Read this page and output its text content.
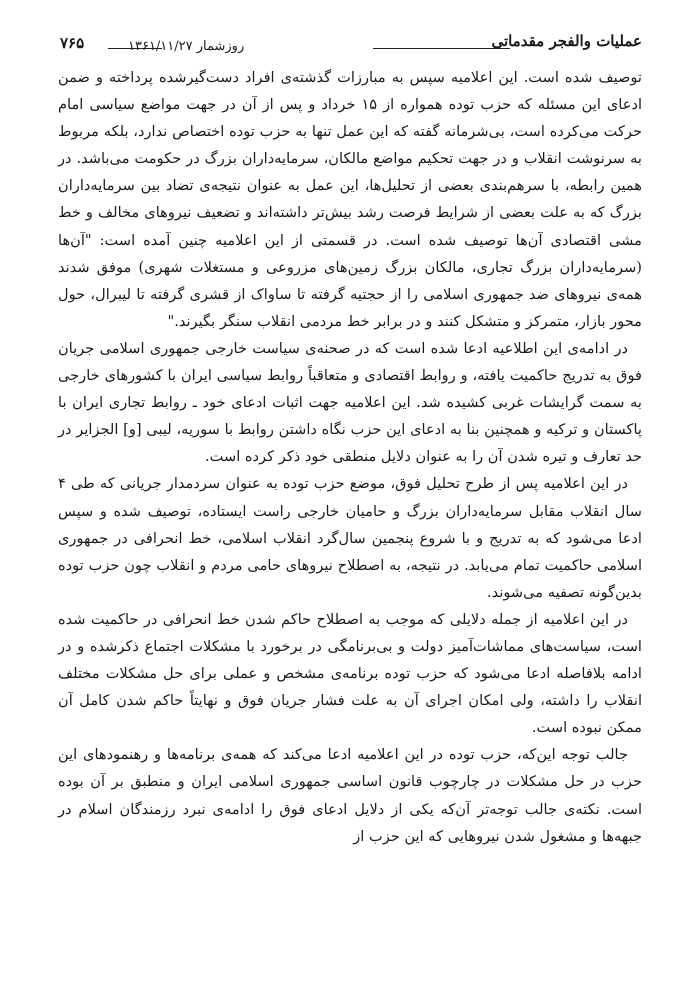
عملیات والفجر مقدماتی
روزشمار ۱۳۶۱/۱۱/۲۷
۷۶۵

توصیف شده است. این اعلامیه سپس به مبارزات گذشته‌ی افراد دست‌گیرشده پرداخته و ضمن ادعای این مسئله که حزب توده همواره از ۱۵ خرداد و پس از آن در جهت مواضع سیاسی امام حرکت می‌کرده است، بی‌شرمانه گفته که این عمل تنها به حزب توده اختصاص ندارد، بلکه مربوط به سرنوشت انقلاب و در جهت تحکیم مواضع مالکان، سرمایه‌داران بزرگ در حکومت می‌باشد. در همین رابطه، با سرهم‌بندی بعضی از تحلیل‌ها، این عمل به عنوان نتیجه‌ی تضاد بین سرمایه‌داران بزرگ که به علت بعضی از شرایط فرصت رشد بیش‌تر داشته‌اند و تضعیف نیروهای مخالف و خط مشی اقتصادی آن‌ها توصیف شده است. در قسمتی از این اعلامیه چنین آمده است: "آن‌ها (سرمایه‌داران بزرگ تجاری، مالکان بزرگ زمین‌های مزروعی و مستغلات شهری) موفق شدند همه‌ی نیروهای ضد جمهوری اسلامی را از حجتیه گرفته تا ساواک از قشری گرفته تا لیبرال، حول محور بازار، متمرکز و متشکل کنند و در برابر خط مردمی انقلاب سنگر بگیرند."

در ادامه‌ی این اطلاعیه ادعا شده است که در صحنه‌ی سیاست خارجی جمهوری اسلامی جریان فوق به تدریج حاکمیت یافته، و روابط اقتصادی و متعاقباً روابط سیاسی ایران با کشورهای خارجی به سمت گرایشات غربی کشیده شد. این اعلامیه جهت اثبات ادعای خود ـ روابط تجاری ایران با پاکستان و ترکیه و همچنین بنا به ادعای این حزب نگاه داشتن روابط با سوریه، لیبی [و] الجزایر در حد تعارف و تیره شدن آن را به عنوان دلایل منطقی خود ذکر کرده است.

در این اعلامیه پس از طرح تحلیل فوق، موضع حزب توده به عنوان سردمدار جریانی که طی ۴ سال انقلاب مقابل سرمایه‌داران بزرگ و حامیان خارجی راست ایستاده، توصیف شده و سپس ادعا می‌شود که به تدریج و با شروع پنجمین سال‌گرد انقلاب اسلامی، خط انحرافی در جمهوری اسلامی حاکمیت تمام می‌یابد. در نتیجه، به اصطلاح نیروهای حامی مردم و انقلاب چون حزب توده بدین‌گونه تصفیه می‌شوند.

در این اعلامیه از جمله دلایلی که موجب به اصطلاح حاکم شدن خط انحرافی در حاکمیت شده است، سیاست‌های مماشات‌آمیز دولت و بی‌برنامگی در برخورد با مشکلات اجتماع ذکرشده و در ادامه بلافاصله ادعا می‌شود که حزب توده برنامه‌ی مشخص و عملی برای حل مشکلات مختلف انقلاب را داشته، ولی امکان اجرای آن به علت فشار جریان فوق و نهایتاً حاکم شدن کامل آن ممکن نبوده است.

جالب توجه این‌که، حزب توده در این اعلامیه ادعا می‌کند که همه‌ی برنامه‌ها و رهنمودهای این حزب در حل مشکلات در چارچوب قانون اساسی جمهوری اسلامی ایران و منطبق بر آن بوده است. نکته‌ی جالب توجه‌تر آن‌که یکی از دلایل ادعای فوق را ادامه‌ی نبرد رزمندگان اسلام در جبهه‌ها و مشغول شدن نیروهایی که این حزب از
